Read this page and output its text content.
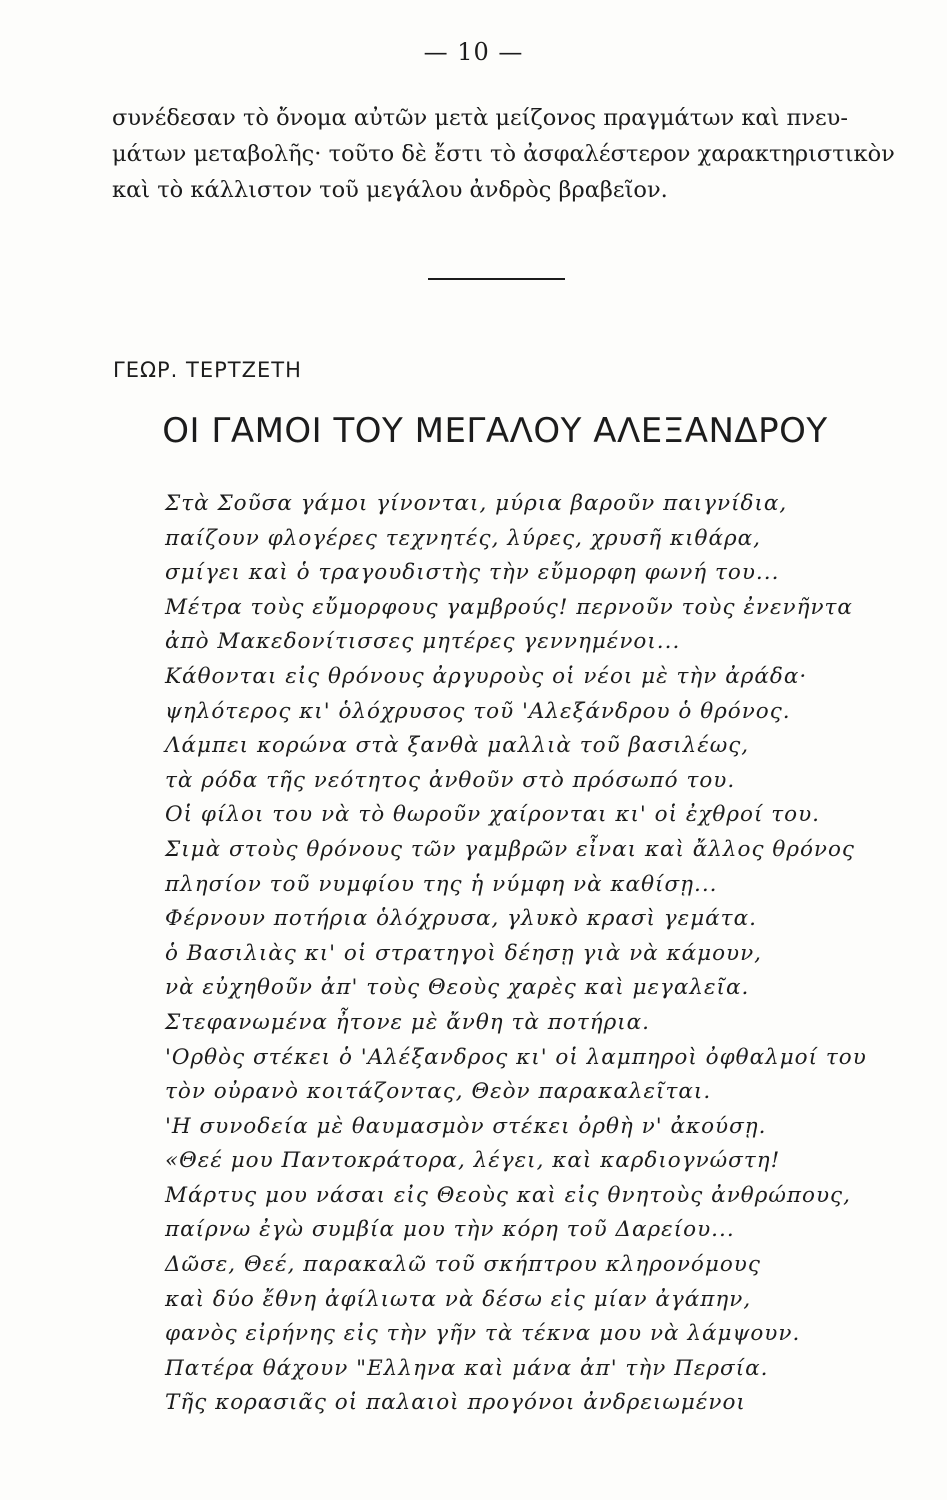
— 10 —
συνέδεσαν τὸ ὄνομα αὐτῶν μετὰ μείζονος πραγμάτων καὶ πνευ-
μάτων μεταβολῆς· τοῦτο δὲ ἔστι τὸ ἀσφαλέστερον χαρακτηριστικὸν
καὶ τὸ κάλλιστον τοῦ μεγάλου ἀνδρὸς βραβεῖον.
ΓΕΩΡ. ΤΕΡΤΖΕΤΗ
ΟΙ ΓΑΜΟΙ ΤΟΥ ΜΕΓΑΛΟΥ ΑΛΕΞΑΝΔΡΟΥ
Στὰ Σοῦσα γάμοι γίνονται, μύρια βαροῦν παιγνίδια,
παίζουν φλογέρες τεχνητές, λύρες, χρυσῆ κιθάρα,
σμίγει καὶ ὁ τραγουδιστὴς τὴν εὔμορφη φωνή του...
Μέτρα τοὺς εὔμορφους γαμβρούς! περνοῦν τοὺς ἐνενῆντα
ἀπὸ Μακεδονίτισσες μητέρες γεννημένοι...
Κάθονται εἰς θρόνους ἀργυροὺς οἱ νέοι μὲ τὴν ἀράδα·
ψηλότερος κι' ὁλόχρυσος τοῦ 'Αλεξάνδρου ὁ θρόνος.
Λάμπει κορώνα στὰ ξανθὰ μαλλιὰ τοῦ βασιλέως,
τὰ ρόδα τῆς νεότητος ἀνθοῦν στὸ πρόσωπό του.
Οἱ φίλοι του νὰ τὸ θωροῦν χαίρονται κι' οἱ ἐχθροί του.
Σιμὰ στοὺς θρόνους τῶν γαμβρῶν εἶναι καὶ ἄλλος θρόνος
πλησίον τοῦ νυμφίου της ἡ νύμφη νὰ καθίσῃ...
Φέρνουν ποτήρια ὁλόχρυσα, γλυκὸ κρασὶ γεμάτα.
ὁ Βασιλιὰς κι' οἱ στρατηγοὶ δέησῃ γιὰ νὰ κάμουν,
νὰ εὐχηθοῦν ἀπ' τοὺς Θεοὺς χαρὲς καὶ μεγαλεῖα.
Στεφανωμένα ἦτονε μὲ ἄνθη τὰ ποτήρια.
'Ορθὸς στέκει ὁ 'Αλέξανδρος κι' οἱ λαμπηροὶ ὀφθαλμοί του
τὸν οὐρανὸ κοιτάζοντας, Θεὸν παρακαλεῖται.
'Η συνοδεία μὲ θαυμασμὸν στέκει ὀρθὴ ν' ἀκούσῃ.
«Θεέ μου Παντοκράτορα, λέγει, καὶ καρδιογνώστη!
Μάρτυς μου νάσαι εἰς Θεοὺς καὶ εἰς θνητοὺς ἀνθρώπους,
παίρνω ἐγὼ συμβία μου τὴν κόρη τοῦ Δαρείου...
Δῶσε, Θεέ, παρακαλῶ τοῦ σκήπτρου κληρονόμους
καὶ δύο ἔθνη ἀφίλιωτα νὰ δέσω εἰς μίαν ἀγάπην,
φανὸς εἰρήνης εἰς τὴν γῆν τὰ τέκνα μου νὰ λάμψουν.
Πατέρα θάχουν "Ελληνα καὶ μάνα ἀπ' τὴν Περσία.
Τῆς κορασιᾶς οἱ παλαιοὶ προγόνοι ἀνδρειωμένοι
